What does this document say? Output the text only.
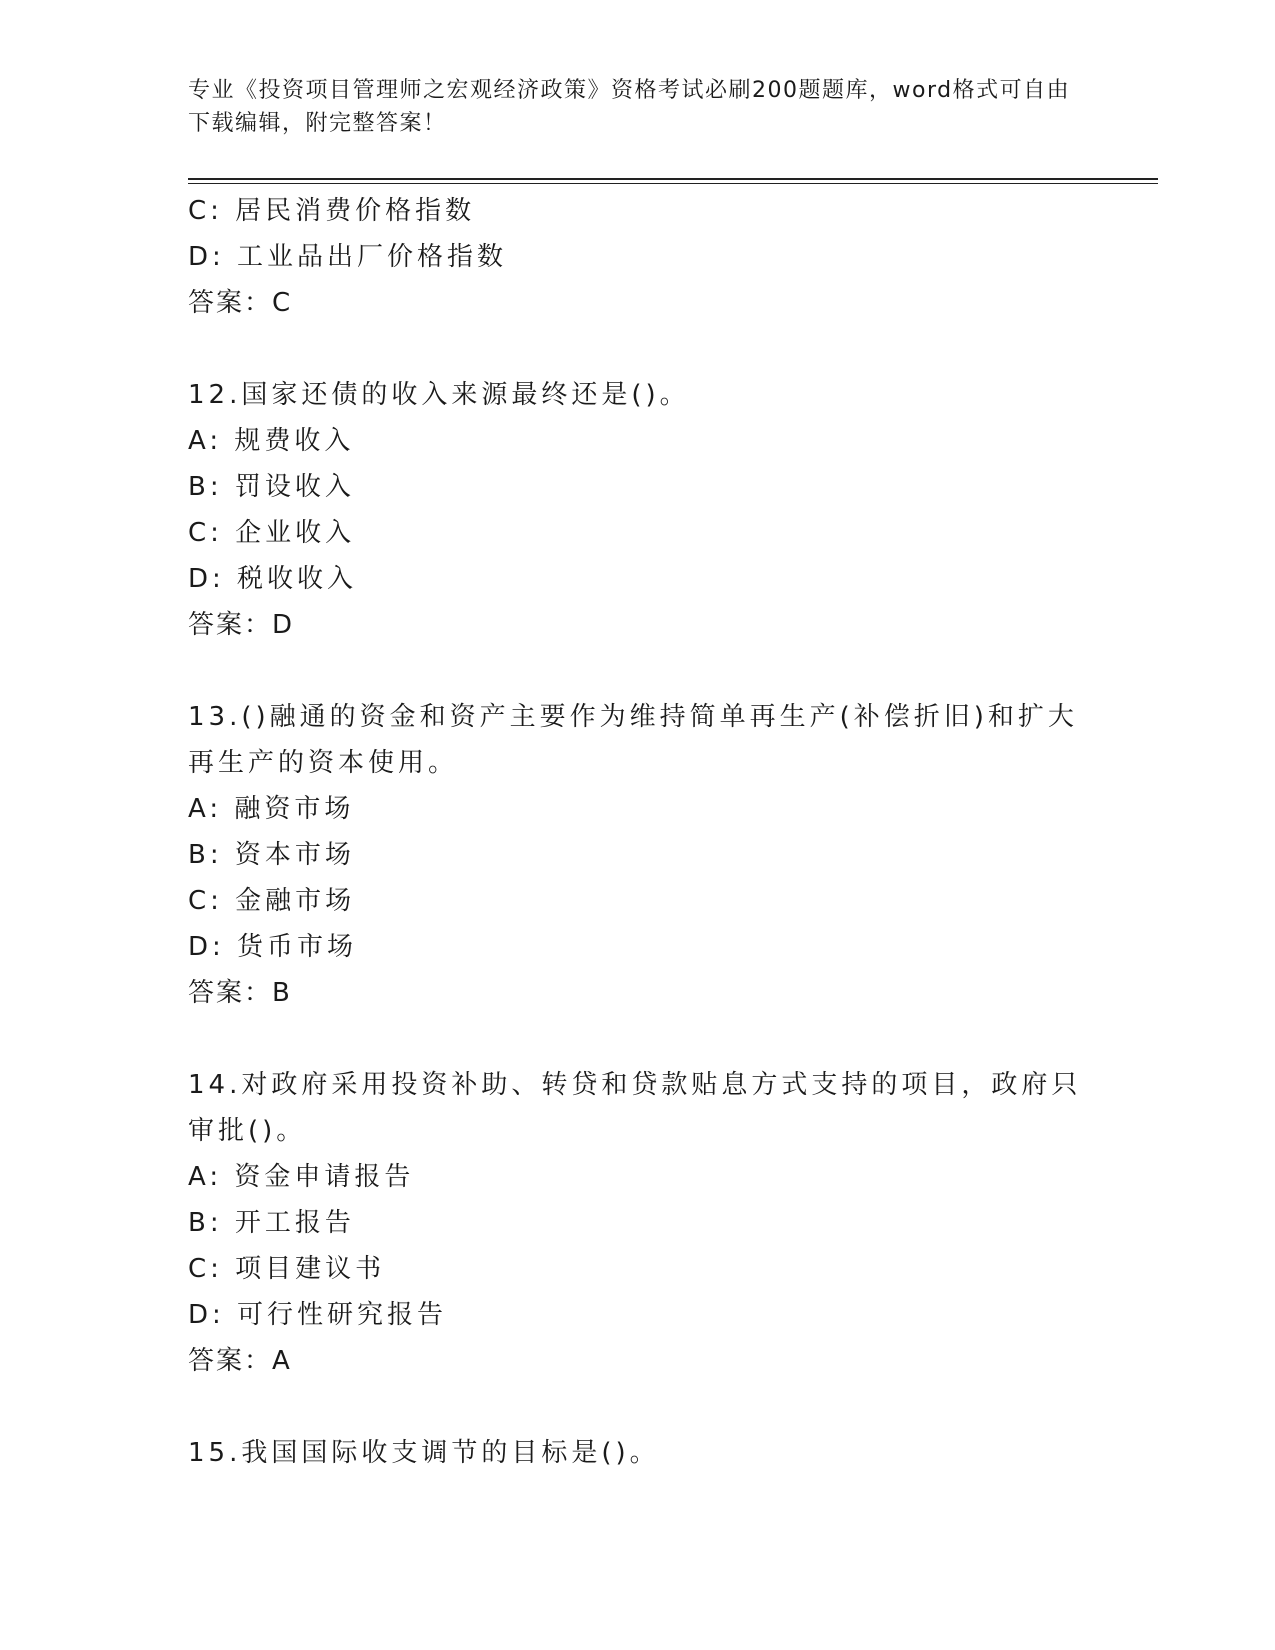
专业《投资项目管理师之宏观经济政策》资格考试必刷200题题库，word格式可自由下载编辑，附完整答案！
C: 居民消费价格指数
D: 工业品出厂价格指数
答案：C
12.国家还债的收入来源最终还是()。
A: 规费收入
B: 罚设收入
C: 企业收入
D: 税收收入
答案：D
13.()融通的资金和资产主要作为维持简单再生产(补偿折旧)和扩大再生产的资本使用。
A: 融资市场
B: 资本市场
C: 金融市场
D: 货币市场
答案：B
14.对政府采用投资补助、转贷和贷款贴息方式支持的项目，政府只审批()。
A: 资金申请报告
B: 开工报告
C: 项目建议书
D: 可行性研究报告
答案：A
15.我国国际收支调节的目标是()。
